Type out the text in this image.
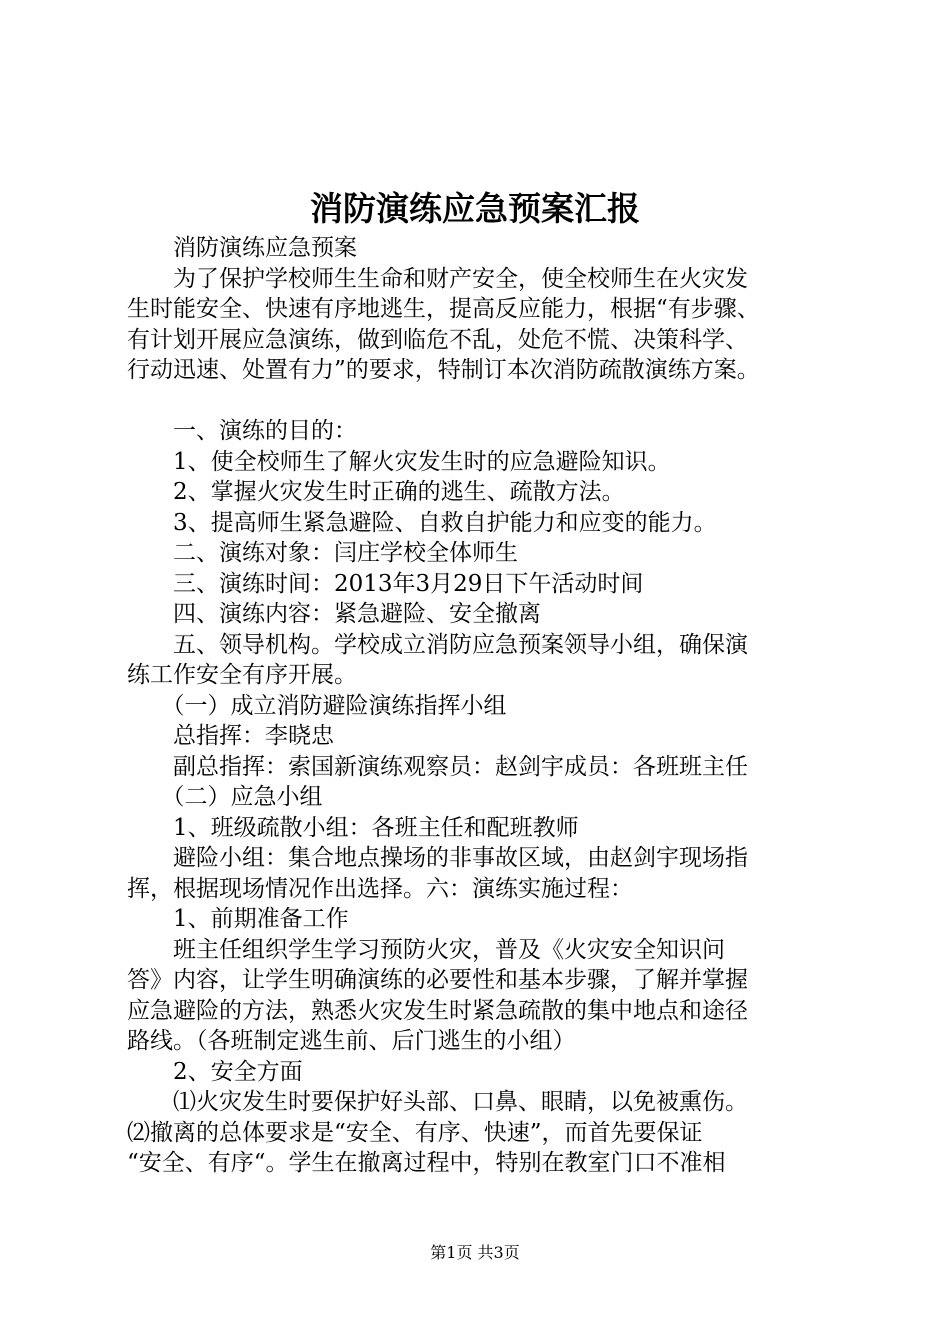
消防演练应急预案汇报

　　消防演练应急预案

　　为了保护学校师生生命和财产安全，使全校师生在火灾发

生时能安全、快速有序地逃生，提高反应能力，根据“有步骤、

有计划开展应急演练，做到临危不乱，处危不慌、决策科学、

行动迅速、处置有力”的要求，特制订本次消防疏散演练方案。

　　一、演练的目的：

　　1、使全校师生了解火灾发生时的应急避险知识。

　　2、掌握火灾发生时正确的逃生、疏散方法。

　　3、提高师生紧急避险、自救自护能力和应变的能力。

　　二、演练对象：闫庄学校全体师生

　　三、演练时间：2013年3月29日下午活动时间

　　四、演练内容：紧急避险、安全撤离

　　五、领导机构。学校成立消防应急预案领导小组，确保演

练工作安全有序开展。

　　（一）成立消防避险演练指挥小组

　　总指挥：李晓忠

　　副总指挥：索国新演练观察员：赵剑宇成员：各班班主任

　　（二）应急小组

　　1、班级疏散小组：各班主任和配班教师

　　避险小组：集合地点操场的非事故区域，由赵剑宇现场指

挥，根据现场情况作出选择。六：演练实施过程：

　　1、前期准备工作

　　班主任组织学生学习预防火灾，普及《火灾安全知识问

答》内容，让学生明确演练的必要性和基本步骤，了解并掌握

应急避险的方法，熟悉火灾发生时紧急疏散的集中地点和途径

路线。（各班制定逃生前、后门逃生的小组）

　　2、安全方面

　　⑴火灾发生时要保护好头部、口鼻、眼睛，以免被熏伤。

⑵撤离的总体要求是“安全、有序、快速”，而首先要保证

“安全、有序“。学生在撤离过程中，特别在教室门口不准相

第1页 共3页
